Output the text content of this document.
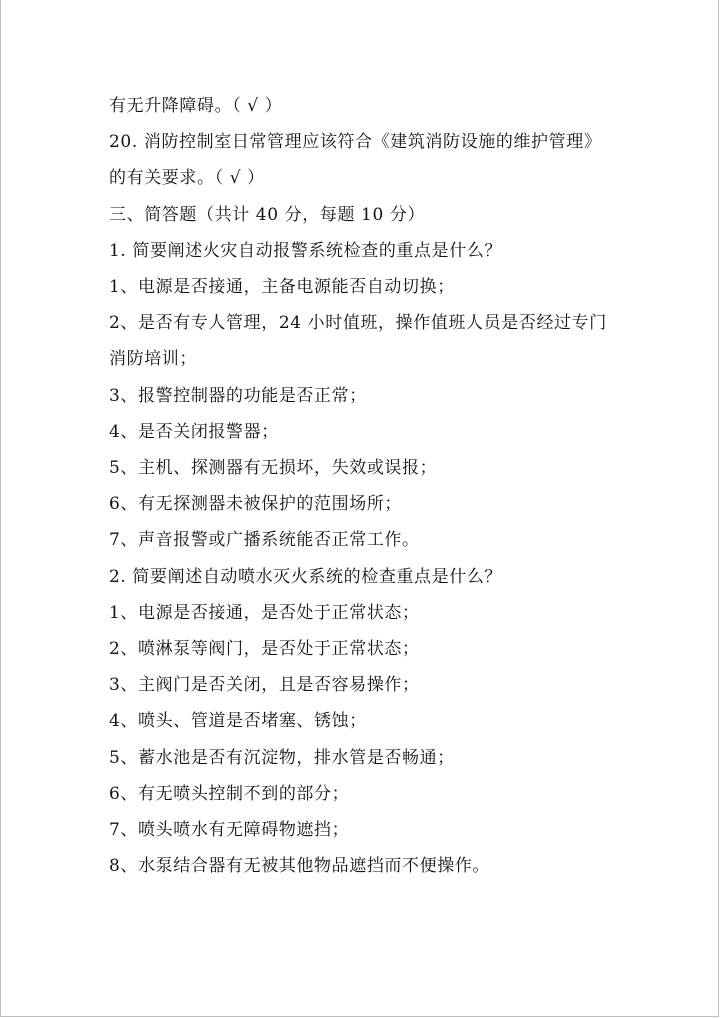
有无升降障碍。（ √ ）
20. 消防控制室日常管理应该符合《建筑消防设施的维护管理》
的有关要求。（ √ ）
三、简答题（共计 40 分，每题 10 分）
1. 简要阐述火灾自动报警系统检查的重点是什么？
1、电源是否接通，主备电源能否自动切换；
2、是否有专人管理，24 小时值班，操作值班人员是否经过专门
消防培训；
3、报警控制器的功能是否正常；
4、是否关闭报警器；
5、主机、探测器有无损坏，失效或误报；
6、有无探测器未被保护的范围场所；
7、声音报警或广播系统能否正常工作。
2. 简要阐述自动喷水灭火系统的检查重点是什么？
1、电源是否接通，是否处于正常状态；
2、喷淋泵等阀门，是否处于正常状态；
3、主阀门是否关闭，且是否容易操作；
4、喷头、管道是否堵塞、锈蚀；
5、蓄水池是否有沉淀物，排水管是否畅通；
6、有无喷头控制不到的部分；
7、喷头喷水有无障碍物遮挡；
8、水泵结合器有无被其他物品遮挡而不便操作。
